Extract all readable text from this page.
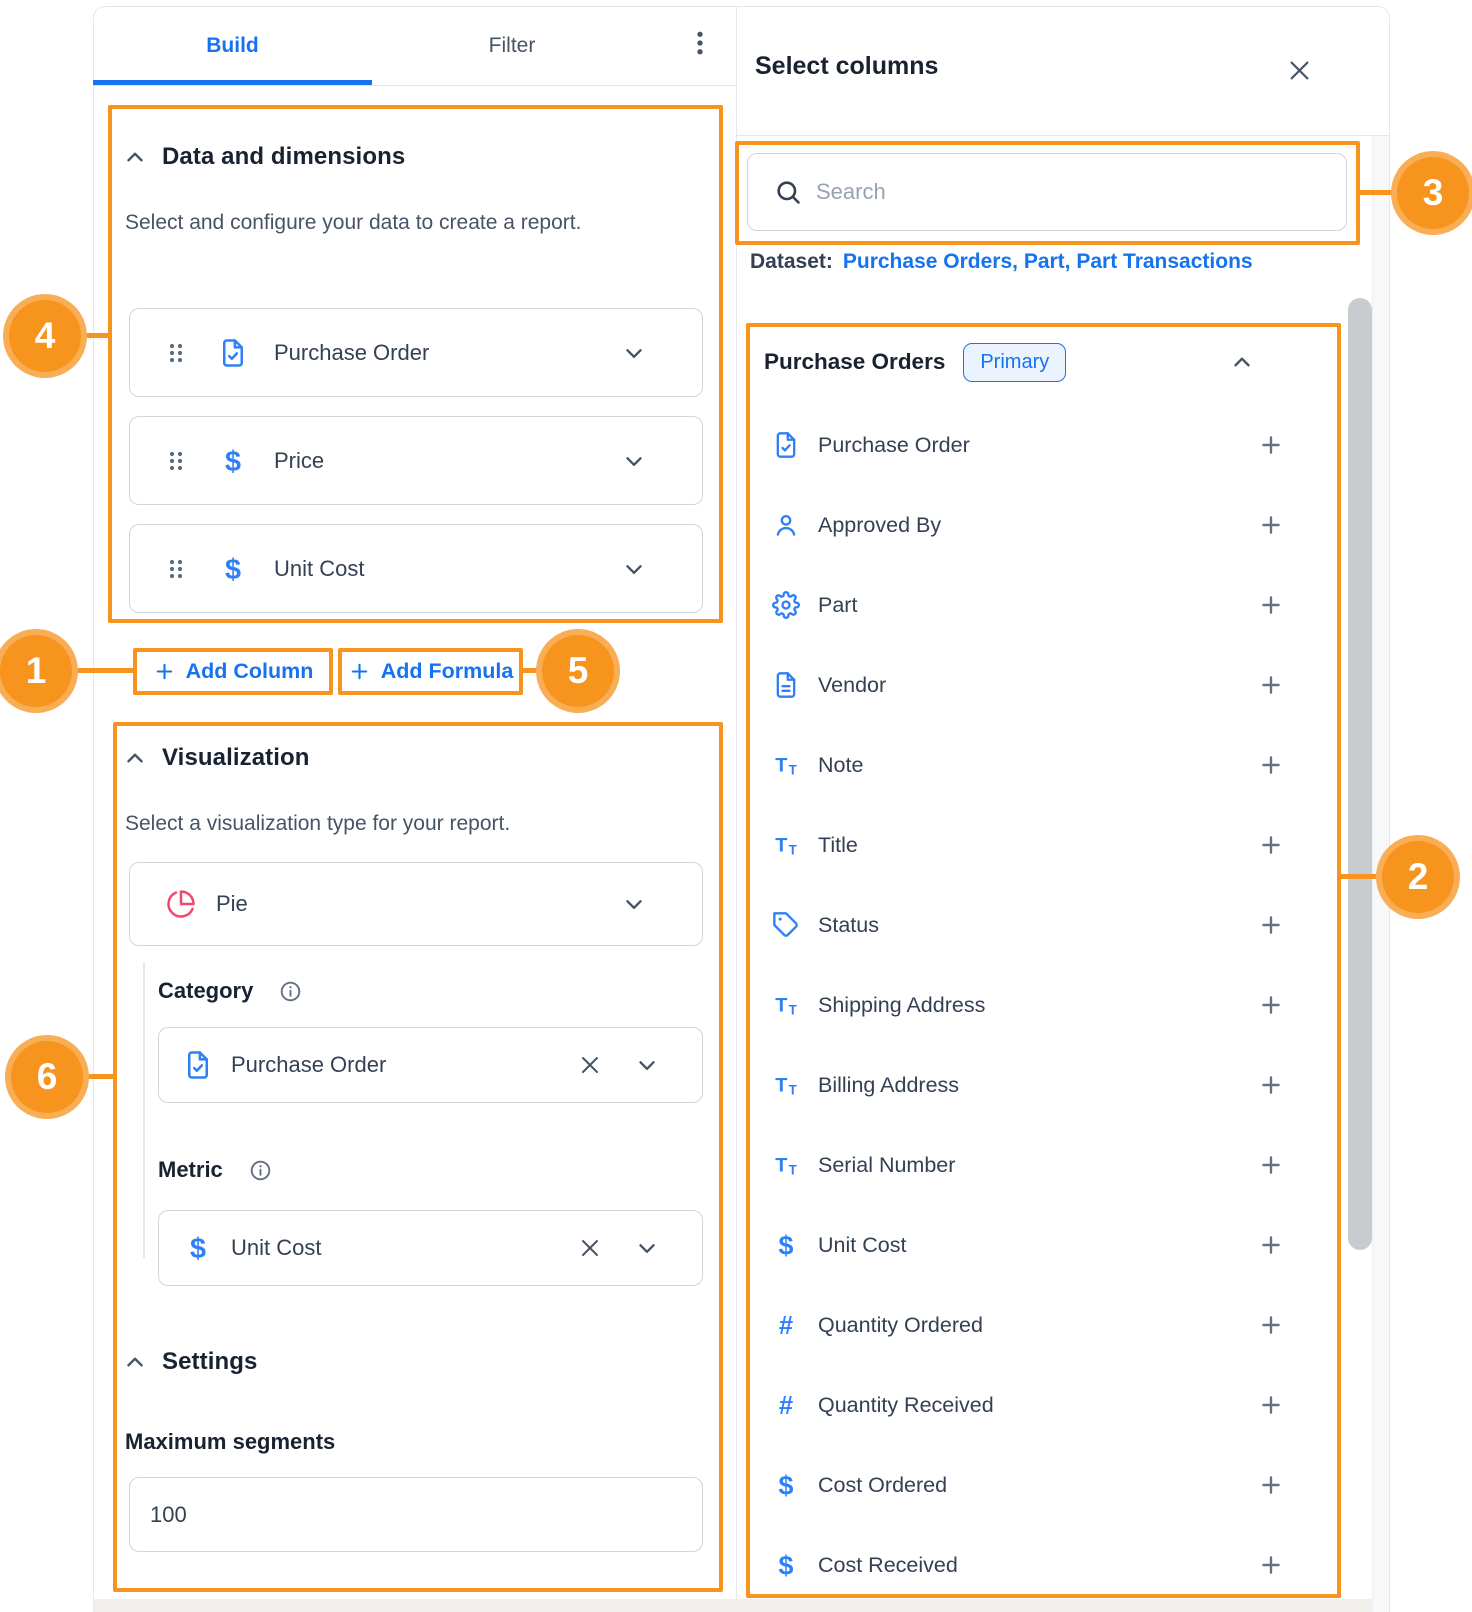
Build	Filter
Data and dimensions
Select and configure your data to create a report.
Purchase Order
Price
Unit Cost
Add Column	Add Formula
Visualization
Select a visualization type for your report.
Pie
Category
Purchase Order
Metric
Unit Cost
Settings
Maximum segments
100
Select columns
Search
Dataset: Purchase Orders , Part , Part Transactions
Purchase Orders	Primary
Purchase Order
Approved By
Part
Vendor
Note
Title
Status
Shipping Address
Billing Address
Serial Number
Unit Cost
Quantity Ordered
Quantity Received
Cost Ordered
Cost Received
1
2
3
4
5
6
